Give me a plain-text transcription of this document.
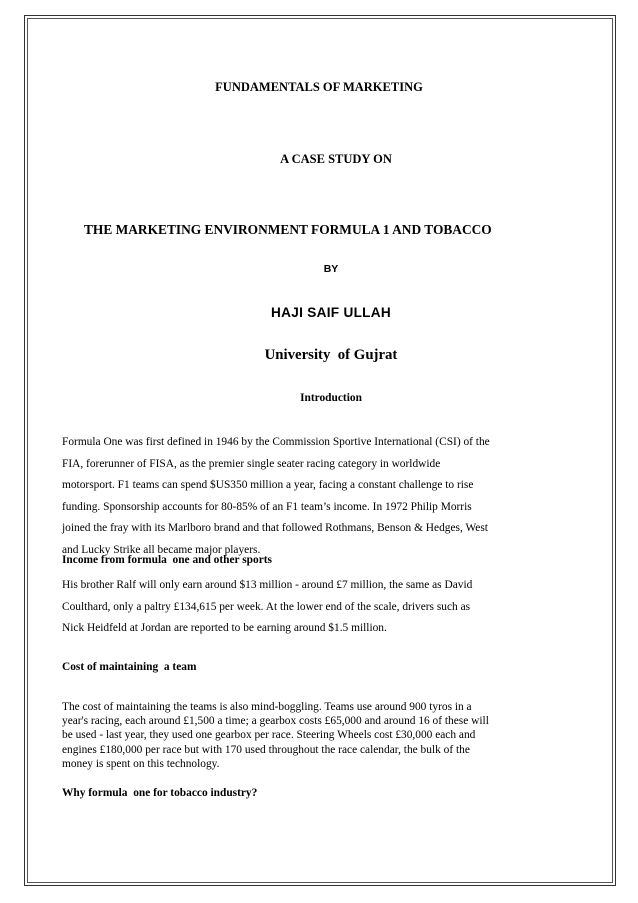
FUNDAMENTALS OF MARKETING
A CASE STUDY ON
THE MARKETING ENVIRONMENT FORMULA 1 AND TOBACCO
BY
HAJI SAIF ULLAH
University  of Gujrat
Introduction
Formula One was first defined in 1946 by the Commission Sportive International (CSI) of the
FIA, forerunner of FISA, as the premier single seater racing category in worldwide
motorsport. F1 teams can spend $US350 million a year, facing a constant challenge to rise
funding. Sponsorship accounts for 80-85% of an F1 team’s income. In 1972 Philip Morris
joined the fray with its Marlboro brand and that followed Rothmans, Benson & Hedges, West
and Lucky Strike all became major players.
Income from formula  one and other sports
His brother Ralf will only earn around $13 million - around £7 million, the same as David
Coulthard, only a paltry £134,615 per week. At the lower end of the scale, drivers such as
Nick Heidfeld at Jordan are reported to be earning around $1.5 million.
Cost of maintaining  a team
The cost of maintaining the teams is also mind-boggling. Teams use around 900 tyros in a
year's racing, each around £1,500 a time; a gearbox costs £65,000 and around 16 of these will
be used - last year, they used one gearbox per race. Steering Wheels cost £30,000 each and
engines £180,000 per race but with 170 used throughout the race calendar, the bulk of the
money is spent on this technology.
Why formula  one for tobacco industry?
